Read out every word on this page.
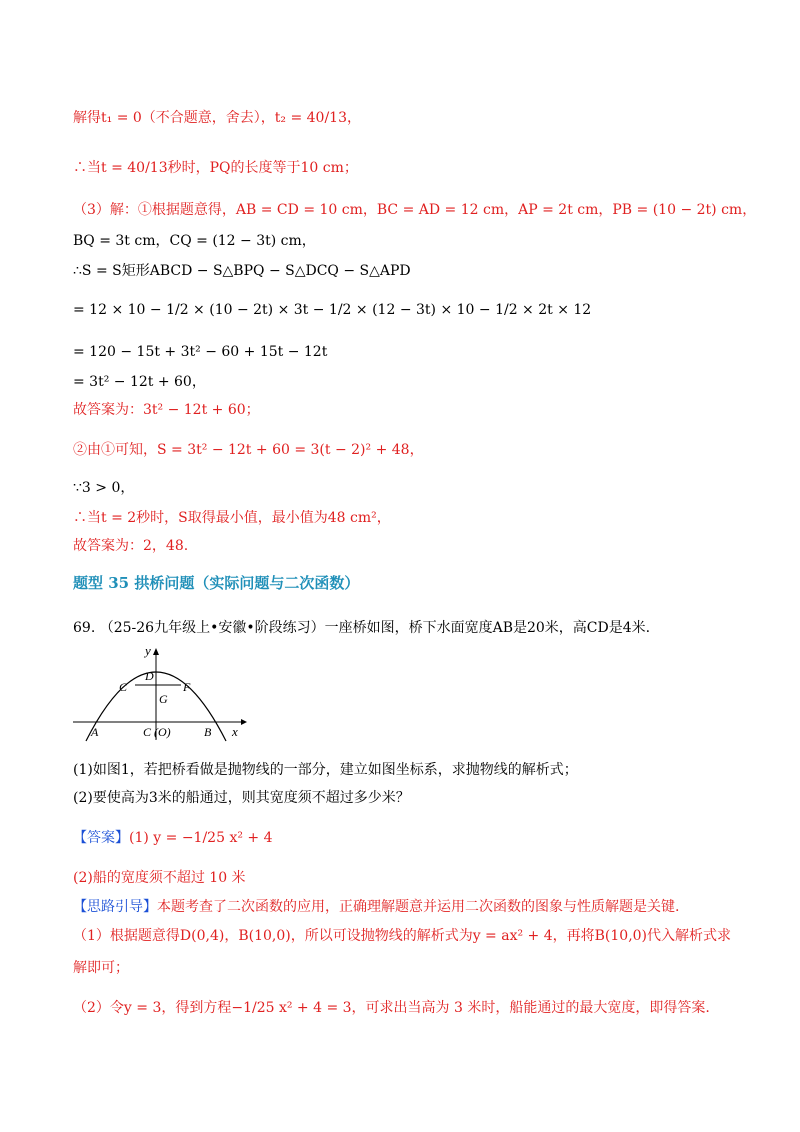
解得t₁ = 0（不合题意，舍去），t₂ = 40/13，
∴当t = 40/13秒时，PQ的长度等于10 cm；
（3）解：①根据题意得，AB = CD = 10 cm，BC = AD = 12 cm，AP = 2t cm，PB = (10 − 2t) cm，
BQ = 3t cm，CQ = (12 − 3t) cm，
∴S = S矩形ABCD − S△BPQ − S△DCQ − S△APD
= 12 × 10 − 1/2 × (10 − 2t) × 3t − 1/2 × (12 − 3t) × 10 − 1/2 × 2t × 12
= 120 − 15t + 3t² − 60 + 15t − 12t
= 3t² − 12t + 60，
故答案为：3t² − 12t + 60；
②由①可知，S = 3t² − 12t + 60 = 3(t − 2)² + 48，
∵3 > 0，
∴当t = 2秒时，S取得最小值，最小值为48 cm²，
故答案为：2，48.
题型 35 拱桥问题（实际问题与二次函数）
69. （25-26九年级上•安徽•阶段练习）一座桥如图，桥下水面宽度AB是20米，高CD是4米.
y
x
D
C	F
G
A	C (O)	B
(1)如图1，若把桥看做是抛物线的一部分，建立如图坐标系，求抛物线的解析式；
(2)要使高为3米的船通过，则其宽度须不超过多少米？
【答案】(1) y = −1/25 x² + 4
(2)船的宽度须不超过 10 米
【思路引导】本题考查了二次函数的应用，正确理解题意并运用二次函数的图象与性质解题是关键.
（1）根据题意得D(0,4)，B(10,0)，所以可设抛物线的解析式为y = ax² + 4，再将B(10,0)代入解析式求
解即可；
（2）令y = 3，得到方程−1/25 x² + 4 = 3，可求出当高为 3 米时，船能通过的最大宽度，即得答案.
